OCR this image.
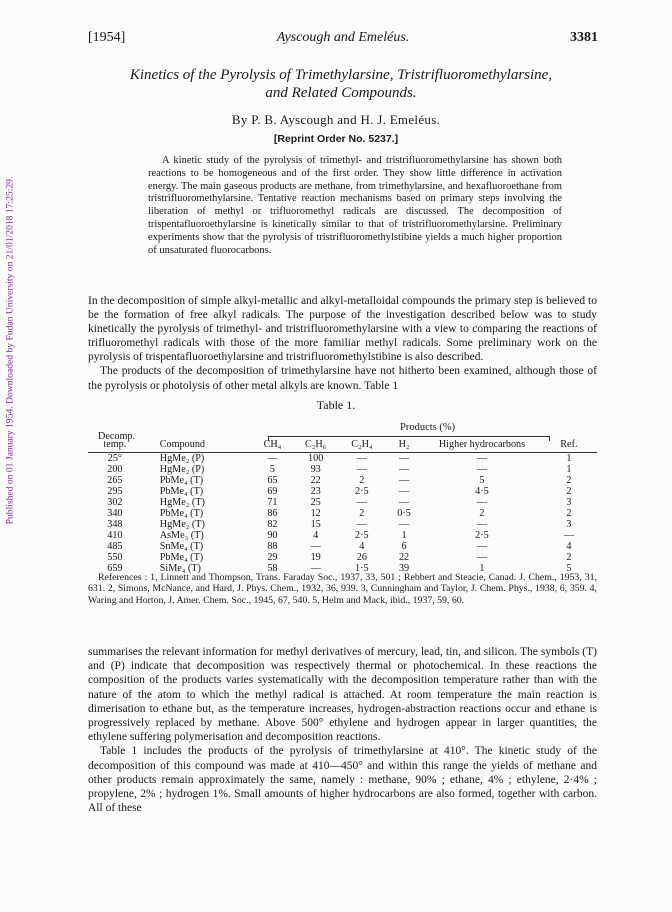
Published on 01 January 1954. Downloaded by Fudan University on 21/01/2018 17:25:29.
[1954]	Ayscough and Emeléus.	3381
Kinetics of the Pyrolysis of Trimethylarsine, Tristrifluoromethylarsine,
and Related Compounds.
By P. B. Ayscough and H. J. Emeléus.
[Reprint Order No. 5237.]
A kinetic study of the pyrolysis of trimethyl- and tristrifluoromethylarsine has shown both reactions to be homogeneous and of the first order. They show little difference in activation energy. The main gaseous products are methane, from trimethylarsine, and hexafluoroethane from tristrifluoromethylarsine. Tentative reaction mechanisms based on primary steps involving the liberation of methyl or trifluoromethyl radicals are discussed. The decomposition of trispentafluoroethylarsine is kinetically similar to that of tristrifluoromethylarsine. Preliminary experiments show that the pyrolysis of tristrifluoromethylstibine yields a much higher proportion of unsaturated fluorocarbons.

In the decomposition of simple alkyl-metallic and alkyl-metalloidal compounds the primary step is believed to be the formation of free alkyl radicals. The purpose of the investigation described below was to study kinetically the pyrolysis of trimethyl- and tristrifluoromethylarsine with a view to comparing the reactions of trifluoromethyl radicals with those of the more familiar methyl radicals. Some preliminary work on the pyrolysis of trispentafluoroethylarsine and tristrifluoromethylstibine is also described.

The products of the decomposition of trimethylarsine have not hitherto been examined, although those of the pyrolysis or photolysis of other metal alkyls are known. Table 1

Table 1.
Decomp.
Products (%)
temp.	Compound	CH₄	C₂H₆	C₂H₄	H₂	Higher hydrocarbons	Ref.
25°	HgMe₂ (P)	—	100	—	—	—	1
200	HgMe₂ (P)	5	93	—	—	—	1
265	PbMe₄ (T)	65	22	2	—	5	2
295	PbMe₄ (T)	69	23	2·5	—	4·5	2
302	HgMe₂ (T)	71	25	—	—	—	3
340	PbMe₄ (T)	86	12	2	0·5	2	2
348	HgMe₂ (T)	82	15	—	—	—	3
410	AsMe₃ (T)	90	4	2·5	1	2·5	—
485	SnMe₄ (T)	88	—	4	6	—	4
550	PbMe₄ (T)	29	19	26	22	—	2
659	SiMe₄ (T)	58	—	1·5	39	1	5
References : 1, Linnett and Thompson, Trans. Faraday Soc., 1937, 33, 501 ; Rebbert and Steacie, Canad. J. Chem., 1953, 31, 631. 2, Simons, McNance, and Hard, J. Phys. Chem., 1932, 36, 939. 3, Cunningham and Taylor, J. Chem. Phys., 1938, 6, 359. 4, Waring and Horton, J. Amer. Chem. Soc., 1945, 67, 540. 5, Helm and Mack, ibid., 1937, 59, 60.

summarises the relevant information for methyl derivatives of mercury, lead, tin, and silicon. The symbols (T) and (P) indicate that decomposition was respectively thermal or photochemical. In these reactions the composition of the products varies systematically with the decomposition temperature rather than with the nature of the atom to which the methyl radical is attached. At room temperature the main reaction is dimerisation to ethane but, as the temperature increases, hydrogen-abstraction reactions occur and ethane is progressively replaced by methane. Above 500° ethylene and hydrogen appear in larger quantities, the ethylene suffering polymerisation and decomposition reactions.

Table 1 includes the products of the pyrolysis of trimethylarsine at 410°. The kinetic study of the decomposition of this compound was made at 410—450° and within this range the yields of methane and other products remain approximately the same, namely : methane, 90% ; ethane, 4% ; ethylene, 2·4% ; propylene, 2% ; hydrogen 1%. Small amounts of higher hydrocarbons are also formed, together with carbon. All of these
